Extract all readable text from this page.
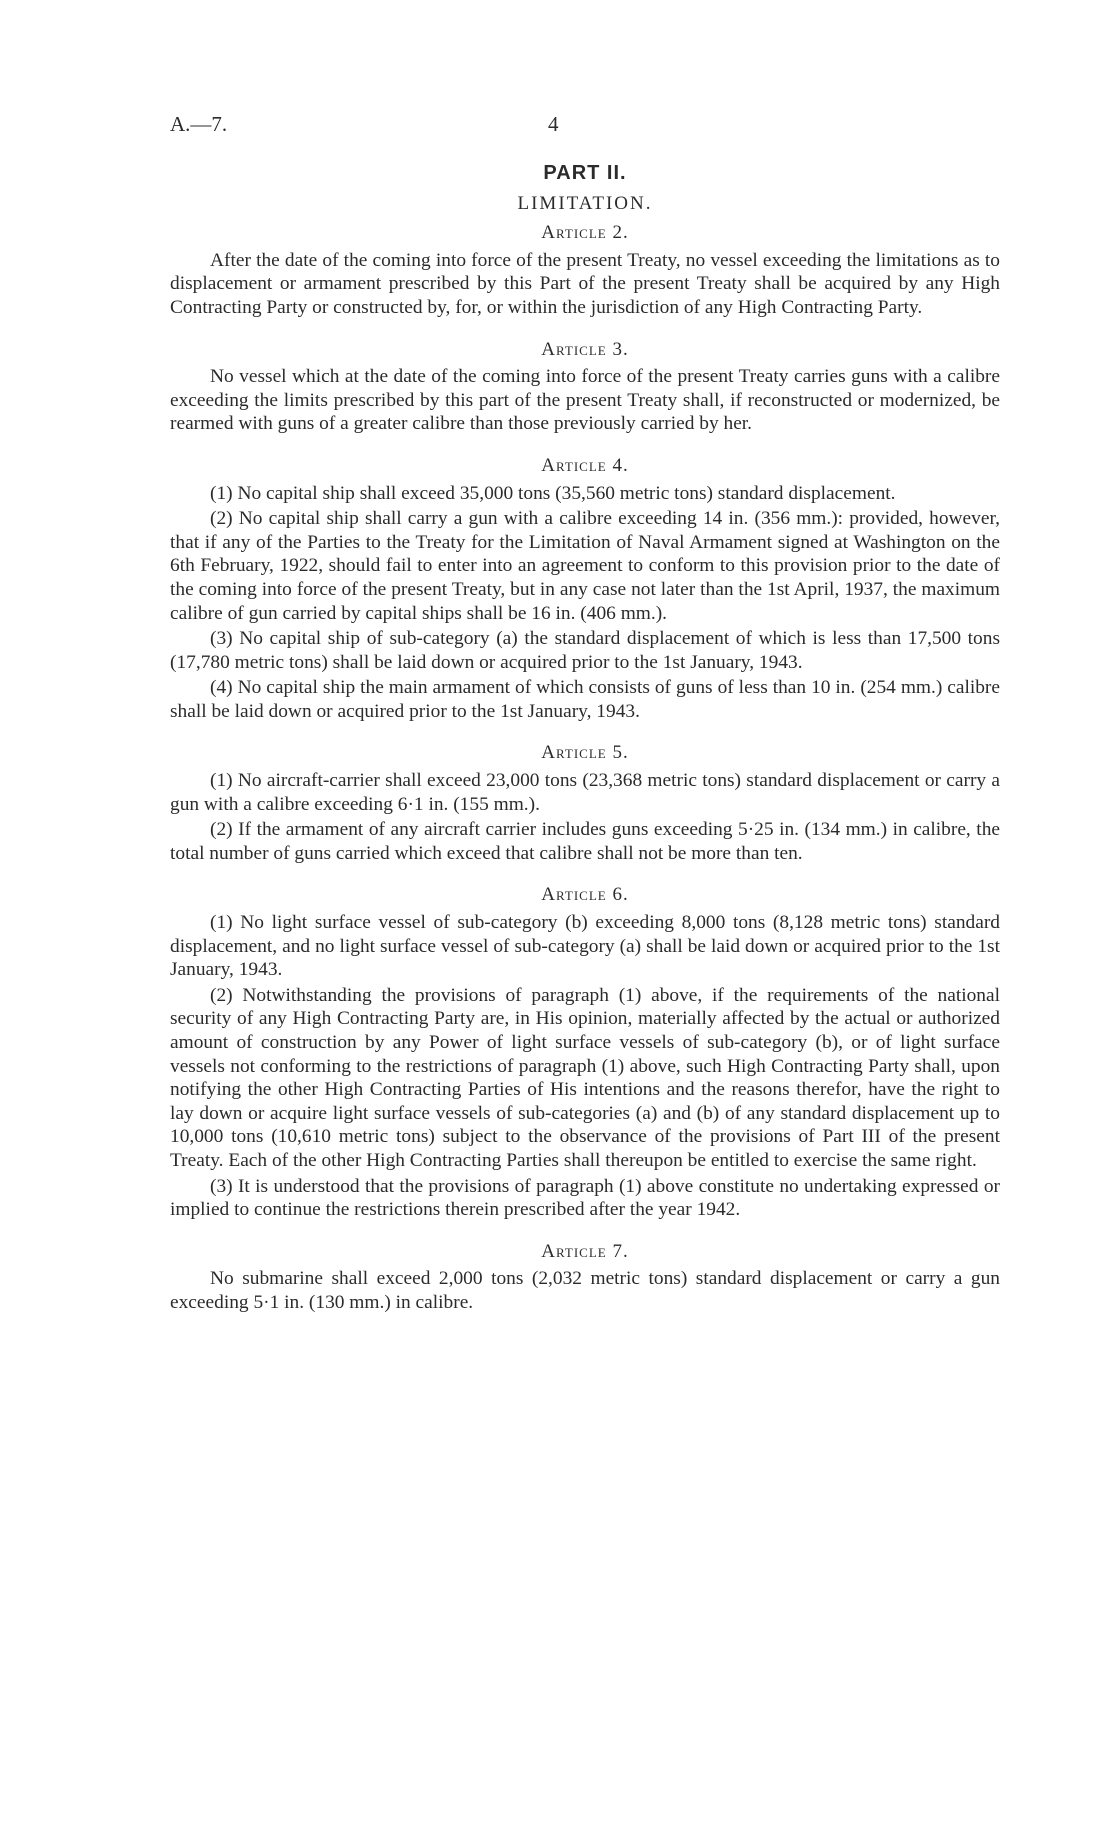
A.—7.	4
PART II.
LIMITATION.
Article 2.

After the date of the coming into force of the present Treaty, no vessel exceeding the limitations as to displacement or armament prescribed by this Part of the present Treaty shall be acquired by any High Contracting Party or constructed by, for, or within the jurisdiction of any High Contracting Party.

Article 3.

No vessel which at the date of the coming into force of the present Treaty carries guns with a calibre exceeding the limits prescribed by this part of the present Treaty shall, if reconstructed or modernized, be rearmed with guns of a greater calibre than those previously carried by her.

Article 4.

(1) No capital ship shall exceed 35,000 tons (35,560 metric tons) standard displacement.

(2) No capital ship shall carry a gun with a calibre exceeding 14 in. (356 mm.): provided, however, that if any of the Parties to the Treaty for the Limitation of Naval Armament signed at Washington on the 6th February, 1922, should fail to enter into an agreement to conform to this provision prior to the date of the coming into force of the present Treaty, but in any case not later than the 1st April, 1937, the maximum calibre of gun carried by capital ships shall be 16 in. (406 mm.).

(3) No capital ship of sub-category (a) the standard displacement of which is less than 17,500 tons (17,780 metric tons) shall be laid down or acquired prior to the 1st January, 1943.

(4) No capital ship the main armament of which consists of guns of less than 10 in. (254 mm.) calibre shall be laid down or acquired prior to the 1st January, 1943.

Article 5.

(1) No aircraft-carrier shall exceed 23,000 tons (23,368 metric tons) standard displacement or carry a gun with a calibre exceeding 6·1 in. (155 mm.).

(2) If the armament of any aircraft carrier includes guns exceeding 5·25 in. (134 mm.) in calibre, the total number of guns carried which exceed that calibre shall not be more than ten.

Article 6.

(1) No light surface vessel of sub-category (b) exceeding 8,000 tons (8,128 metric tons) standard displacement, and no light surface vessel of sub-category (a) shall be laid down or acquired prior to the 1st January, 1943.

(2) Notwithstanding the provisions of paragraph (1) above, if the requirements of the national security of any High Contracting Party are, in His opinion, materially affected by the actual or authorized amount of construction by any Power of light surface vessels of sub-category (b), or of light surface vessels not conforming to the restrictions of paragraph (1) above, such High Contracting Party shall, upon notifying the other High Contracting Parties of His intentions and the reasons therefor, have the right to lay down or acquire light surface vessels of sub-categories (a) and (b) of any standard displacement up to 10,000 tons (10,610 metric tons) subject to the observance of the provisions of Part III of the present Treaty. Each of the other High Contracting Parties shall thereupon be entitled to exercise the same right.

(3) It is understood that the provisions of paragraph (1) above constitute no undertaking expressed or implied to continue the restrictions therein prescribed after the year 1942.

Article 7.

No submarine shall exceed 2,000 tons (2,032 metric tons) standard displacement or carry a gun exceeding 5·1 in. (130 mm.) in calibre.
